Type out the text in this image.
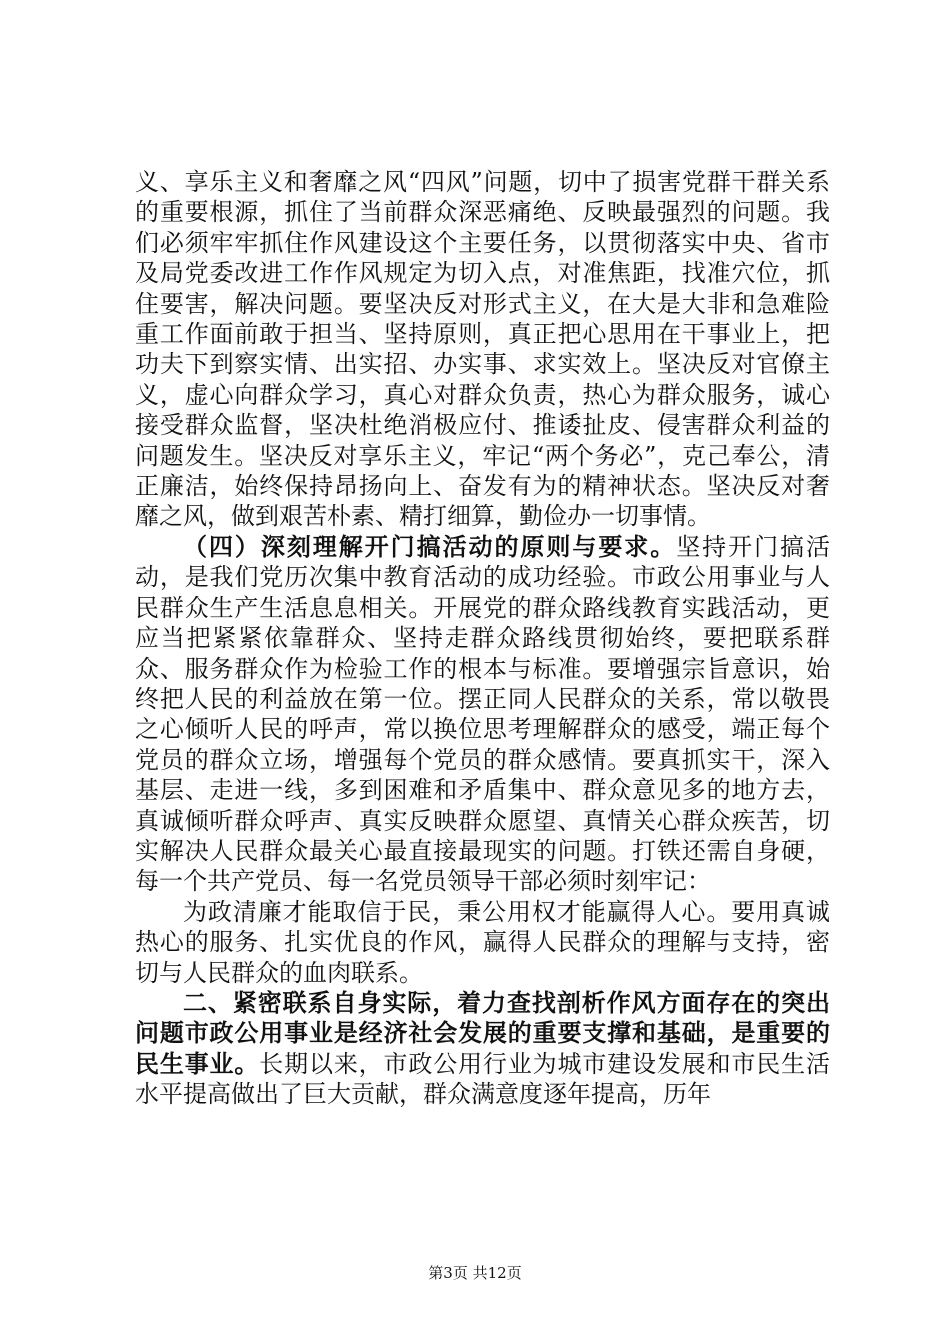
义、享乐主义和奢靡之风“四风”问题，切中了损害党群干群关系的重要根源，抓住了当前群众深恶痛绝、反映最强烈的问题。我们必须牢牢抓住作风建设这个主要任务，以贯彻落实中央、省市及局党委改进工作作风规定为切入点，对准焦距，找准穴位，抓住要害，解决问题。要坚决反对形式主义，在大是大非和急难险重工作面前敢于担当、坚持原则，真正把心思用在干事业上，把功夫下到察实情、出实招、办实事、求实效上。坚决反对官僚主义，虚心向群众学习，真心对群众负责，热心为群众服务，诚心接受群众监督，坚决杜绝消极应付、推诿扯皮、侵害群众利益的问题发生。坚决反对享乐主义，牢记“两个务必”，克己奉公，清正廉洁，始终保持昂扬向上、奋发有为的精神状态。坚决反对奢靡之风，做到艰苦朴素、精打细算，勤俭办一切事情。

（四）深刻理解开门搞活动的原则与要求。坚持开门搞活动，是我们党历次集中教育活动的成功经验。市政公用事业与人民群众生产生活息息相关。开展党的群众路线教育实践活动，更应当把紧紧依靠群众、坚持走群众路线贯彻始终，要把联系群众、服务群众作为检验工作的根本与标准。要增强宗旨意识，始终把人民的利益放在第一位。摆正同人民群众的关系，常以敬畏之心倾听人民的呼声，常以换位思考理解群众的感受，端正每个党员的群众立场，增强每个党员的群众感情。要真抓实干，深入基层、走进一线，多到困难和矛盾集中、群众意见多的地方去，真诚倾听群众呼声、真实反映群众愿望、真情关心群众疾苦，切实解决人民群众最关心最直接最现实的问题。打铁还需自身硬，每一个共产党员、每一名党员领导干部必须时刻牢记：

为政清廉才能取信于民，秉公用权才能赢得人心。要用真诚热心的服务、扎实优良的作风，赢得人民群众的理解与支持，密切与人民群众的血肉联系。

二、紧密联系自身实际，着力查找剖析作风方面存在的突出问题市政公用事业是经济社会发展的重要支撑和基础，是重要的民生事业。长期以来，市政公用行业为城市建设发展和市民生活水平提高做出了巨大贡献，群众满意度逐年提高，历年

第3页 共12页
